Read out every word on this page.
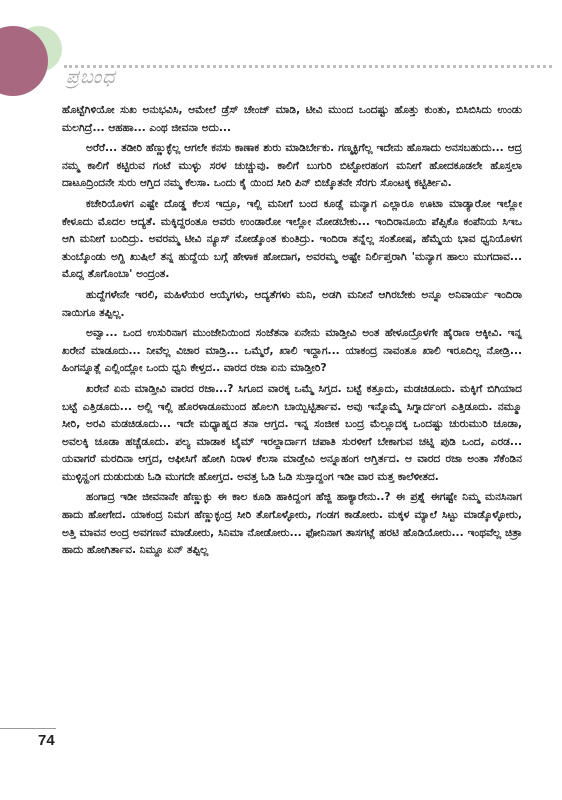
ಪ್ರಬಂಧ

ಹೊಟ್ಟೆಗಿಳಿಯೋ ಸುಖ ಅನುಭವಿಸಿ, ಆಮೇಲೆ ಡ್ರೆಸ್ ಚೇಂಜ್ ಮಾಡಿ, ಟೀವಿ ಮುಂದ ಒಂದಷ್ಟು ಹೊತ್ತು ಕುಂತು, ಬಿಸಿಬಿಸಿದು ಉಂಡು ಮಲಗಿದ್ರೆ... ಆಹಹಾ... ಎಂಥ ಜೀವನಾ ಅದು...

ಅರೆರೆ... ತಡೀರಿ ಹೆಣ್ಣುಕ್ಳೆಲ್ಲ ಆಗಲೇ ಕನಸು ಕಾಣಾಕ ಶುರು ಮಾಡಿರ್ಬೇಕು. ಗಣ್ಮಕ್ಳಿಗೆಲ್ಲ ಇದೇನು ಹೊಸಾದು ಅನಸಬಹುದು... ಆದ್ರ ನಮ್ಮ ಕಾಲಿಗೆ ಕಟ್ಟಿರುವ ಗಂಟೆ ಮುಳ್ಳು ಸರಳ ಚುಚ್ಚುವು. ಕಾಲಿಗೆ ಬುಗುರಿ ಬಿಟ್ಟೋರಹಂಗ ಮನೀಗೆ ಹೋದಕೂಡಲೇ ಹೊಸ್ತಲಾ ದಾಟೂದ್ರಿಂದನೇ ಸುರು ಆಗ್ತಿದ ನಮ್ಮ ಕೆಲಸಾ. ಒಂದು ಕೈ ಯಿಂದ ಸೀರಿ ಪಿನ್ ಬಿಚ್ಕೊತನೇ ಸೆರಗು ಸೊಂಟಕ್ಕ ಕಟ್ಟಿರ್ತೀವಿ.

ಕಚೇರಿಯೊಳಗ ಎಷ್ಟೇ ದೊಡ್ಡ ಕೆಲಸ ಇದ್ರೂ, ಇಲ್ಲಿ ಮನೀಗೆ ಬಂದ ಕೂಡ್ಲೆ ಮನ್ಯಾಗ ಎಲ್ಲಾರೂ ಊಟಾ ಮಾಡ್ಯಾರೋ ಇಲ್ಲೋ ಕೇಳೂದು ಮೊದಲ ಆದ್ಯತೆ. ಮಕ್ಕಿದ್ದರಂತೂ ಅವರು ಉಂಡಾರೋ ಇಲ್ಲೋ ನೋಡಬೇಕು... ಇಂದಿರಾನೂಯಿ ಪೆಪ್ಸಿಕೊ ಕಂಪೆನಿಯ ಸಿಇಒ ಆಗಿ ಮನೀಗೆ ಬಂದಿದ್ರು. ಅವರಮ್ಮ ಟೀವಿ ನ್ಯೂಸ್ ನೋಡ್ಕೊಂತ ಕುಂತಿದ್ರು. ಇಂದಿರಾ ತನ್ನೆಲ್ಲ ಸಂತೋಷ, ಹೆಮ್ಮೆಯ ಭಾವ ಧ್ವನಿಯೊಳಗ ತುಂಬ್ಕೊಂಡು ಅಗ್ದಿ ಖುಷಿಲೆ ತನ್ನ ಹುದ್ದೆಯ ಬಗ್ಗೆ ಹೇಳಾಕ ಹೋದಾಗ, ಅವರಮ್ಮ ಅಷ್ಟೇ ನಿರ್ಲಿಪ್ತರಾಗಿ 'ಮನ್ಯಾಗ ಹಾಲು ಮುಗದಾವ... ಮೊದ್ಲ ತೊಗೊಂಬಾ' ಅಂದ್ರಂತ.

ಹುದ್ದೆಗಳೇನೇ ಇರಲಿ, ಮಹಿಳೆಯರ ಆಯ್ಕೆಗಳು, ಆದ್ಯತೆಗಳು ಮನಿ, ಅಡಗಿ ಮನೀನೆ ಆಗಿರಬೇಕು ಅನ್ನೂ ಅನಿವಾರ್ಯ ಇಂದಿರಾ ನಾಯಿಗೂ ತಪ್ಪಿಲ್ಲ.

ಅವ್ವಾ... ಒಂದ ಉಸುರಿನಾಗ ಮುಂಜೇನಿಯಿಂದ ಸಂಜೆತನಾ ಏನೇನು ಮಾಡ್ತೀವಿ ಅಂತ ಹೇಳೂದ್ರೊಳಗೇ ಹೈರಾಣ ಆಕ್ಕೀವಿ. ಇನ್ನ ಖರೇನೆ ಮಾಡೂದು... ನೀವೆಲ್ಲ ವಿಚಾರ ಮಾಡ್ರಿ... ಒಮ್ಮೆರೆ, ಖಾಲಿ ಇದ್ದಾಗ... ಯಾಕಂದ್ರ ನಾವಂತೂ ಖಾಲಿ ಇರೂದಿಲ್ಲ ನೋಡ್ರಿ... ಹಿಂಗನ್ನೂತ್ಲೆ ಎಲ್ಲಿಂದ್ಲೋ ಒಂದು ಧ್ವನಿ ಕೇಳ್ತದ.. ವಾರದ ರಜಾ ಏನು ಮಾಡ್ತೀರಿ?

ಖರೇನೆ ಏನು ಮಾಡ್ತೀವಿ ವಾರದ ರಜಾ...? ಸಿಗೂದ ವಾರಕ್ಕ ಒಮ್ಮೆ ಸಿಗ್ತದ. ಬಟ್ಟೆ ಕತ್ತೂದು, ಮಡಚಿಡೂದು. ಮಕ್ಕಿಗೆ ಬಿಗಿಯಾದ ಬಟ್ಟೆ ಎತ್ತಿಡೂದು... ಅಲ್ಲಿ ಇಲ್ಲಿ ಹೊರಳಾಡೂಮುಂದ ಹೊಲಗಿ ಬಾಯ್ಬಿಟ್ಟಿರ್ತಾವ. ಅವು ಇನ್ನೊಮ್ಮೆ ಸಿಗ್ನಾರ್ದಂಗ ಎತ್ತಿಡೂದು. ನಮ್ಮೂ ಸೀರಿ, ಅರವಿ ಮಡಚಿಡೂದು... ಇದೇ ಮಧ್ಯಾಹ್ನದ ತನಾ ಆಗ್ತದ. ಇನ್ನ ಸಂಜೀಕ ಬಂದ್ರ ಮೆಲ್ಲೂದಕ್ಕ ಒಂದಷ್ಟು ಚುರುಮುರಿ ಚೂಡಾ, ಅವಲಕ್ಕಿ ಚೂಡಾ ಹಚ್ಚೆಡೂದು. ಪಲ್ಯ ಮಾಡಾಕ ಟೈಮ್ ಇರಲ್ದಾರ್ದಾಗ ಚಪಾತಿ ಸುರಳೀಗೆ ಬೇಕಾಗುವ ಚಟ್ನಿ ಪುಡಿ ಒಂದ, ಎರಡ... ಯವಾಗರೆ ಮರದಿನಾ ಆಗ್ತದ, ಆಫೀಸಿಗೆ ಹೋಗಿ ನಿರಾಳ ಕೆಲಸಾ ಮಾಡ್ತೇವಿ ಅನ್ನೂಹಂಗ ಆಗ್ತಿರ್ತದ. ಆ ವಾರದ ರಜಾ ಅಂತಾ ಸೆಕೆಂಡಿನ ಮುಳ್ಳಿನ್ಹಂಗ ದುಡುದುಡು ಓಡಿ ಮುಗದೇ ಹೋಗ್ತದ. ಅವತ್ತ ಓಡಿ ಓಡಿ ಸುಸ್ತಾದ್ದಂಗ ಇಡೀ ವಾರ ಮತ್ತ ಕಾಲೆಳೀತದ.

ಹಂಗಾದ್ರ ಇಡೀ ಜೀವನಾನೇ ಹೆಣ್ಣುಕ್ಳು ಈ ಕಾಲ ಕೂಡಿ ಹಾಕಿದ್ದಂಗ ಹೆಜ್ಜಿ ಹಾಕ್ಯಾರೇನು..? ಈ ಪ್ರಶ್ನೆ ಈಗಷ್ಟೇ ನಿಮ್ಮ ಮನಸಿನಾಗ ಹಾದು ಹೋಗೇದ. ಯಾಕಂದ್ರ ನಿಮಗ ಹೆಣ್ಣುಕ್ಳಂದ್ರ ಸೀರಿ ತೊಗೊಳ್ಳೋರು, ಗಂಡಗ ಕಾಡೋರು. ಮಕ್ಕಳ ಮ್ಯಾಲೆ ಸಿಟ್ಟು ಮಾಡ್ಕೊಳ್ಳೋರು, ಅತ್ತಿ ಮಾವನ ಅಂದ್ರ ಅವಗಣನೆ ಮಾಡೋರು, ಸಿನಿಮಾ ನೋಡೋರು... ಫೋನಿನಾಗ ತಾಸಗಟ್ಲೆ ಹರಟಿ ಹೊಡಿಯೋರು... ಇಂಥವೆಲ್ಲ ಚಿತ್ರಾ ಹಾದು ಹೋಗಿರ್ತಾವ. ನಿಮ್ದೂ ಏನ್ ತಪ್ಪಿಲ್ಲ

74
